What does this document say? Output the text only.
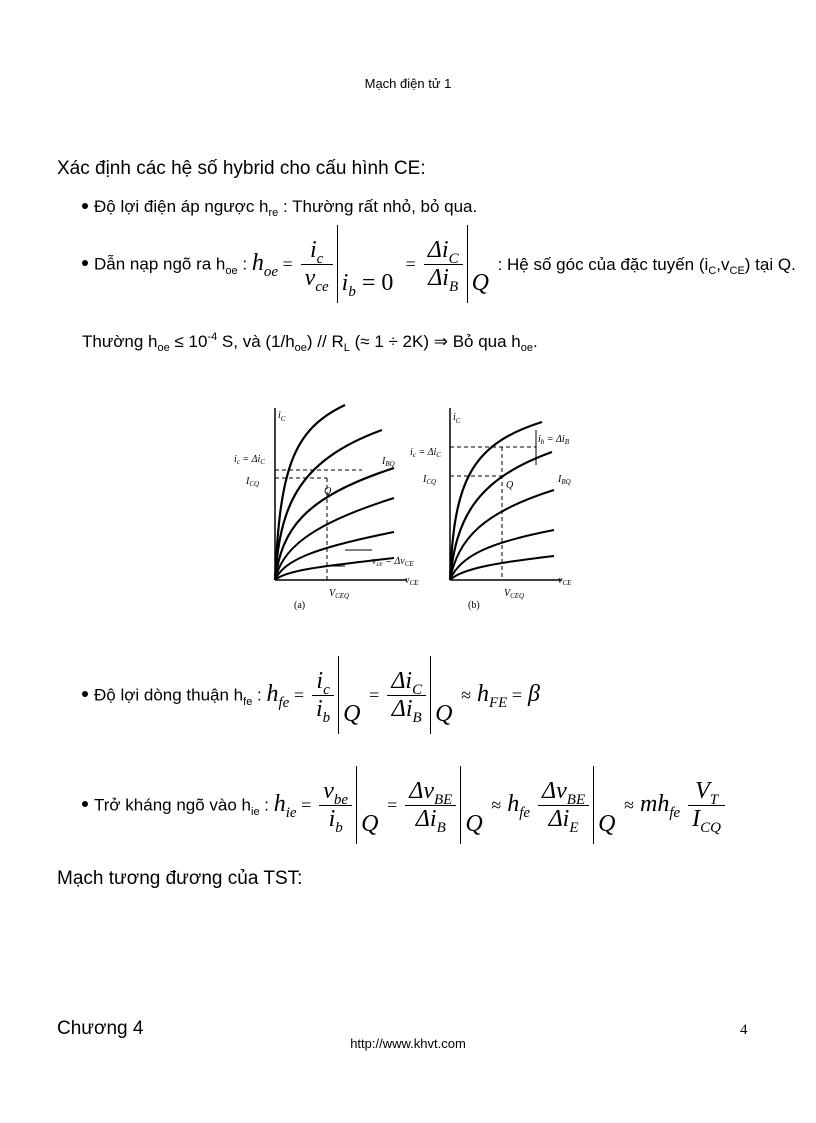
Mạch điện tử 1
Xác định các hệ số hybrid cho cấu hình CE:
Độ lợi điện áp ngược $h_{re}$ : Thường rất nhỏ, bỏ qua.
Dẫn nạp ngõ ra $h_{oe}$ : $h_{oe} = \frac{i_c}{v_{ce}} i_b = 0$
= $\frac{\Delta i_C}{\Delta i_B}$ Q
: Hệ số góc của đặc tuyến $(i_C,v_{CE})$ tại Q.
Thường $h_{oe} \le 10^{-4}$ S, và $(1/h_{oe}) // R_L$ (≈ 1 ÷ 2K) ⇒ Bỏ qua $h_{oe}$.
$i_C$
$i_c = \Delta i_C$
$I_{CQ}$
$I_{BQ}$
Q
$v_{ce} = \Delta v_{CE}$
$V_{CEQ}$
$v_{CE}$
(a)
$i_C$
$i_c = \Delta i_C$
$I_{CQ}$
$i_b = \Delta i_B$
$I_{BQ}$
Q
$V_{CEQ}$
$v_{CE}$
(b)
Độ lợi dòng thuận $h_{fe}$ : $h_{fe} = \frac{i_c}{i_b}$ Q
= $\frac{\Delta i_C}{\Delta i_B}$ Q
≈ $h_{FE} = \beta$
Trở kháng ngõ vào $h_{ie}$ : $h_{ie} = \frac{v_{be}}{i_b}$ Q
= $\frac{\Delta v_{BE}}{\Delta i_B}$ Q
≈ $h_{fe} \frac{\Delta v_{BE}}{\Delta i_E}$ Q
≈ $mh_{fe} \frac{V_T}{I_{CQ}}$
Mạch tương đương của TST:
Chương 4
http://www.khvt.com
4
